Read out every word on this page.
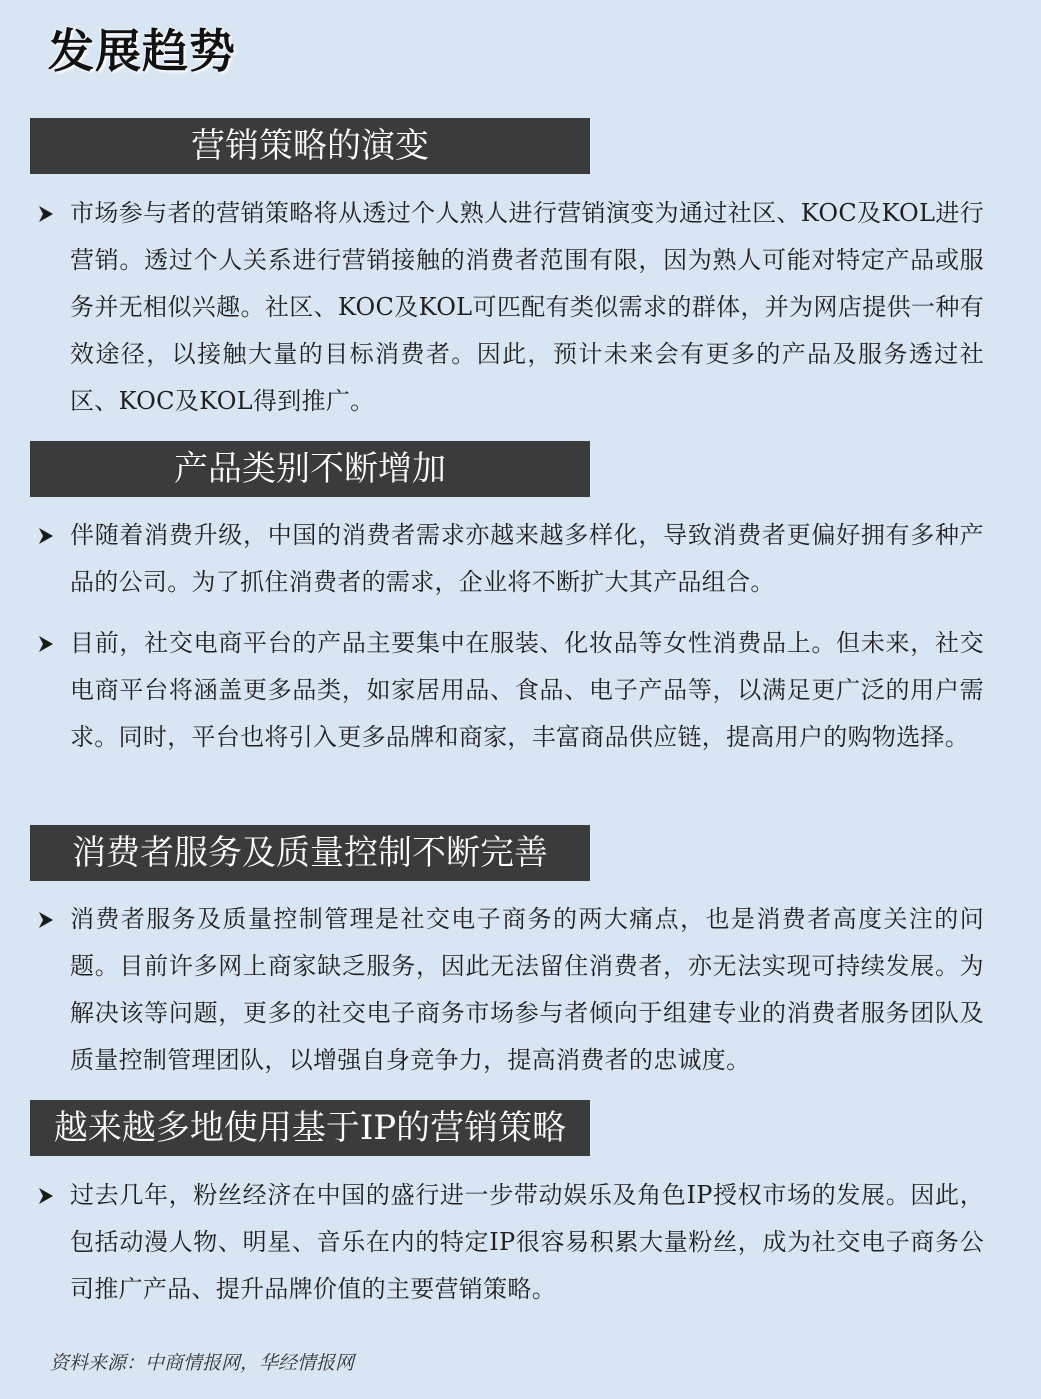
发展趋势
营销策略的演变

市场参与者的营销策略将从透过个人熟人进行营销演变为通过社区、KOC及KOL进行营销。透过个人关系进行营销接触的消费者范围有限，因为熟人可能对特定产品或服务并无相似兴趣。社区、KOC及KOL可匹配有类似需求的群体，并为网店提供一种有效途径，以接触大量的目标消费者。因此，预计未来会有更多的产品及服务透过社区、KOC及KOL得到推广。

产品类别不断增加

伴随着消费升级，中国的消费者需求亦越来越多样化，导致消费者更偏好拥有多种产品的公司。为了抓住消费者的需求，企业将不断扩大其产品组合。

目前，社交电商平台的产品主要集中在服装、化妆品等女性消费品上。但未来，社交电商平台将涵盖更多品类，如家居用品、食品、电子产品等，以满足更广泛的用户需求。同时，平台也将引入更多品牌和商家，丰富商品供应链，提高用户的购物选择。

消费者服务及质量控制不断完善

消费者服务及质量控制管理是社交电子商务的两大痛点，也是消费者高度关注的问题。目前许多网上商家缺乏服务，因此无法留住消费者，亦无法实现可持续发展。为解决该等问题，更多的社交电子商务市场参与者倾向于组建专业的消费者服务团队及质量控制管理团队，以增强自身竞争力，提高消费者的忠诚度。

越来越多地使用基于IP的营销策略

过去几年，粉丝经济在中国的盛行进一步带动娱乐及角色IP授权市场的发展。因此，包括动漫人物、明星、音乐在内的特定IP很容易积累大量粉丝，成为社交电子商务公司推广产品、提升品牌价值的主要营销策略。

资料来源：中商情报网，华经情报网
